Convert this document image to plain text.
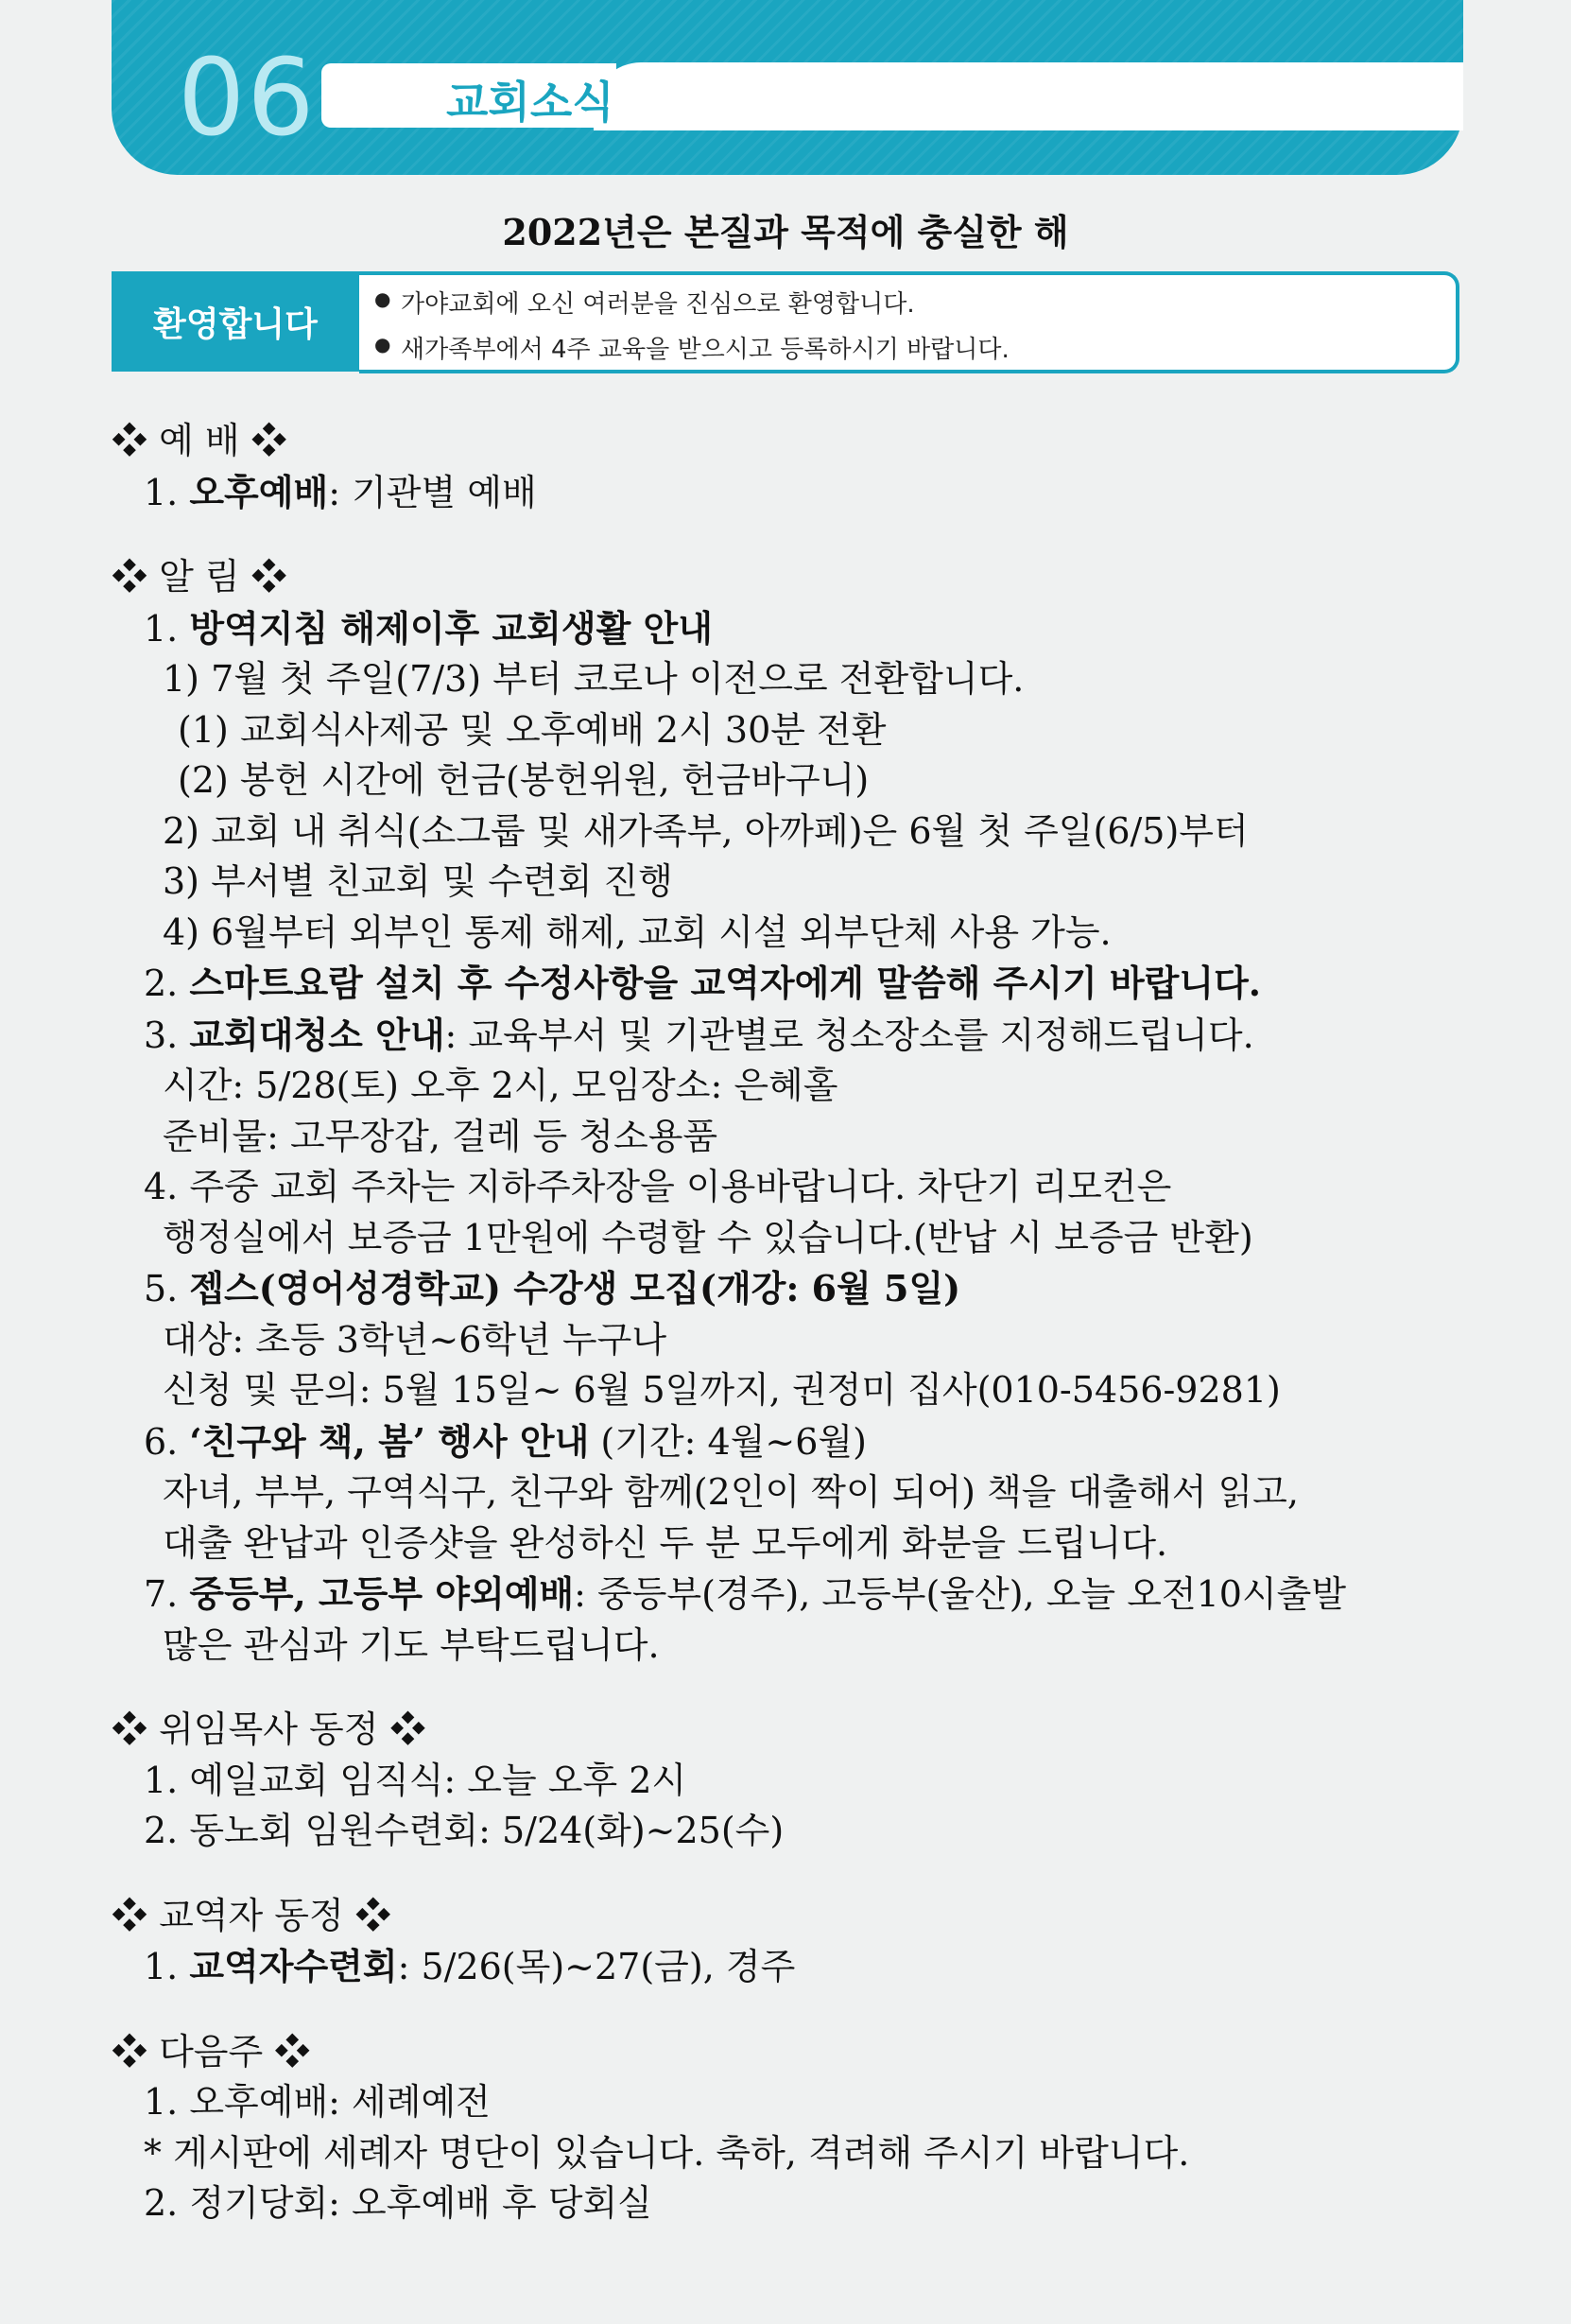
06	교회소식
2022년은 본질과 목적에 충실한 해
환영합니다
● 가야교회에 오신 여러분을 진심으로 환영합니다.
● 새가족부에서 4주 교육을 받으시고 등록하시기 바랍니다.
❖ 예 배 ❖
1. 오후예배: 기관별 예배
❖ 알 림 ❖
1. 방역지침 해제이후 교회생활 안내
1) 7월 첫 주일(7/3) 부터 코로나 이전으로 전환합니다.
(1) 교회식사제공 및 오후예배 2시 30분 전환
(2) 봉헌 시간에 헌금(봉헌위원, 헌금바구니)
2) 교회 내 취식(소그룹 및 새가족부, 아까페)은 6월 첫 주일(6/5)부터
3) 부서별 친교회 및 수련회 진행
4) 6월부터 외부인 통제 해제, 교회 시설 외부단체 사용 가능.
2. 스마트요람 설치 후 수정사항을 교역자에게 말씀해 주시기 바랍니다.
3. 교회대청소 안내: 교육부서 및 기관별로 청소장소를 지정해드립니다.
시간: 5/28(토) 오후 2시, 모임장소: 은혜홀
준비물: 고무장갑, 걸레 등 청소용품
4. 주중 교회 주차는 지하주차장을 이용바랍니다. 차단기 리모컨은
행정실에서 보증금 1만원에 수령할 수 있습니다.(반납 시 보증금 반환)
5. 젭스(영어성경학교) 수강생 모집(개강: 6월 5일)
대상: 초등 3학년~6학년 누구나
신청 및 문의: 5월 15일~ 6월 5일까지, 권정미 집사(010-5456-9281)
6. ‘친구와 책, 봄’ 행사 안내 (기간: 4월~6월)
자녀, 부부, 구역식구, 친구와 함께(2인이 짝이 되어) 책을 대출해서 읽고,
대출 완납과 인증샷을 완성하신 두 분 모두에게 화분을 드립니다.
7. 중등부, 고등부 야외예배: 중등부(경주), 고등부(울산), 오늘 오전10시출발
많은 관심과 기도 부탁드립니다.
❖ 위임목사 동정 ❖
1. 예일교회 임직식: 오늘 오후 2시
2. 동노회 임원수련회: 5/24(화)~25(수)
❖ 교역자 동정 ❖
1. 교역자수련회: 5/26(목)~27(금), 경주
❖ 다음주 ❖
1. 오후예배: 세례예전
* 게시판에 세례자 명단이 있습니다. 축하, 격려해 주시기 바랍니다.
2. 정기당회: 오후예배 후 당회실
